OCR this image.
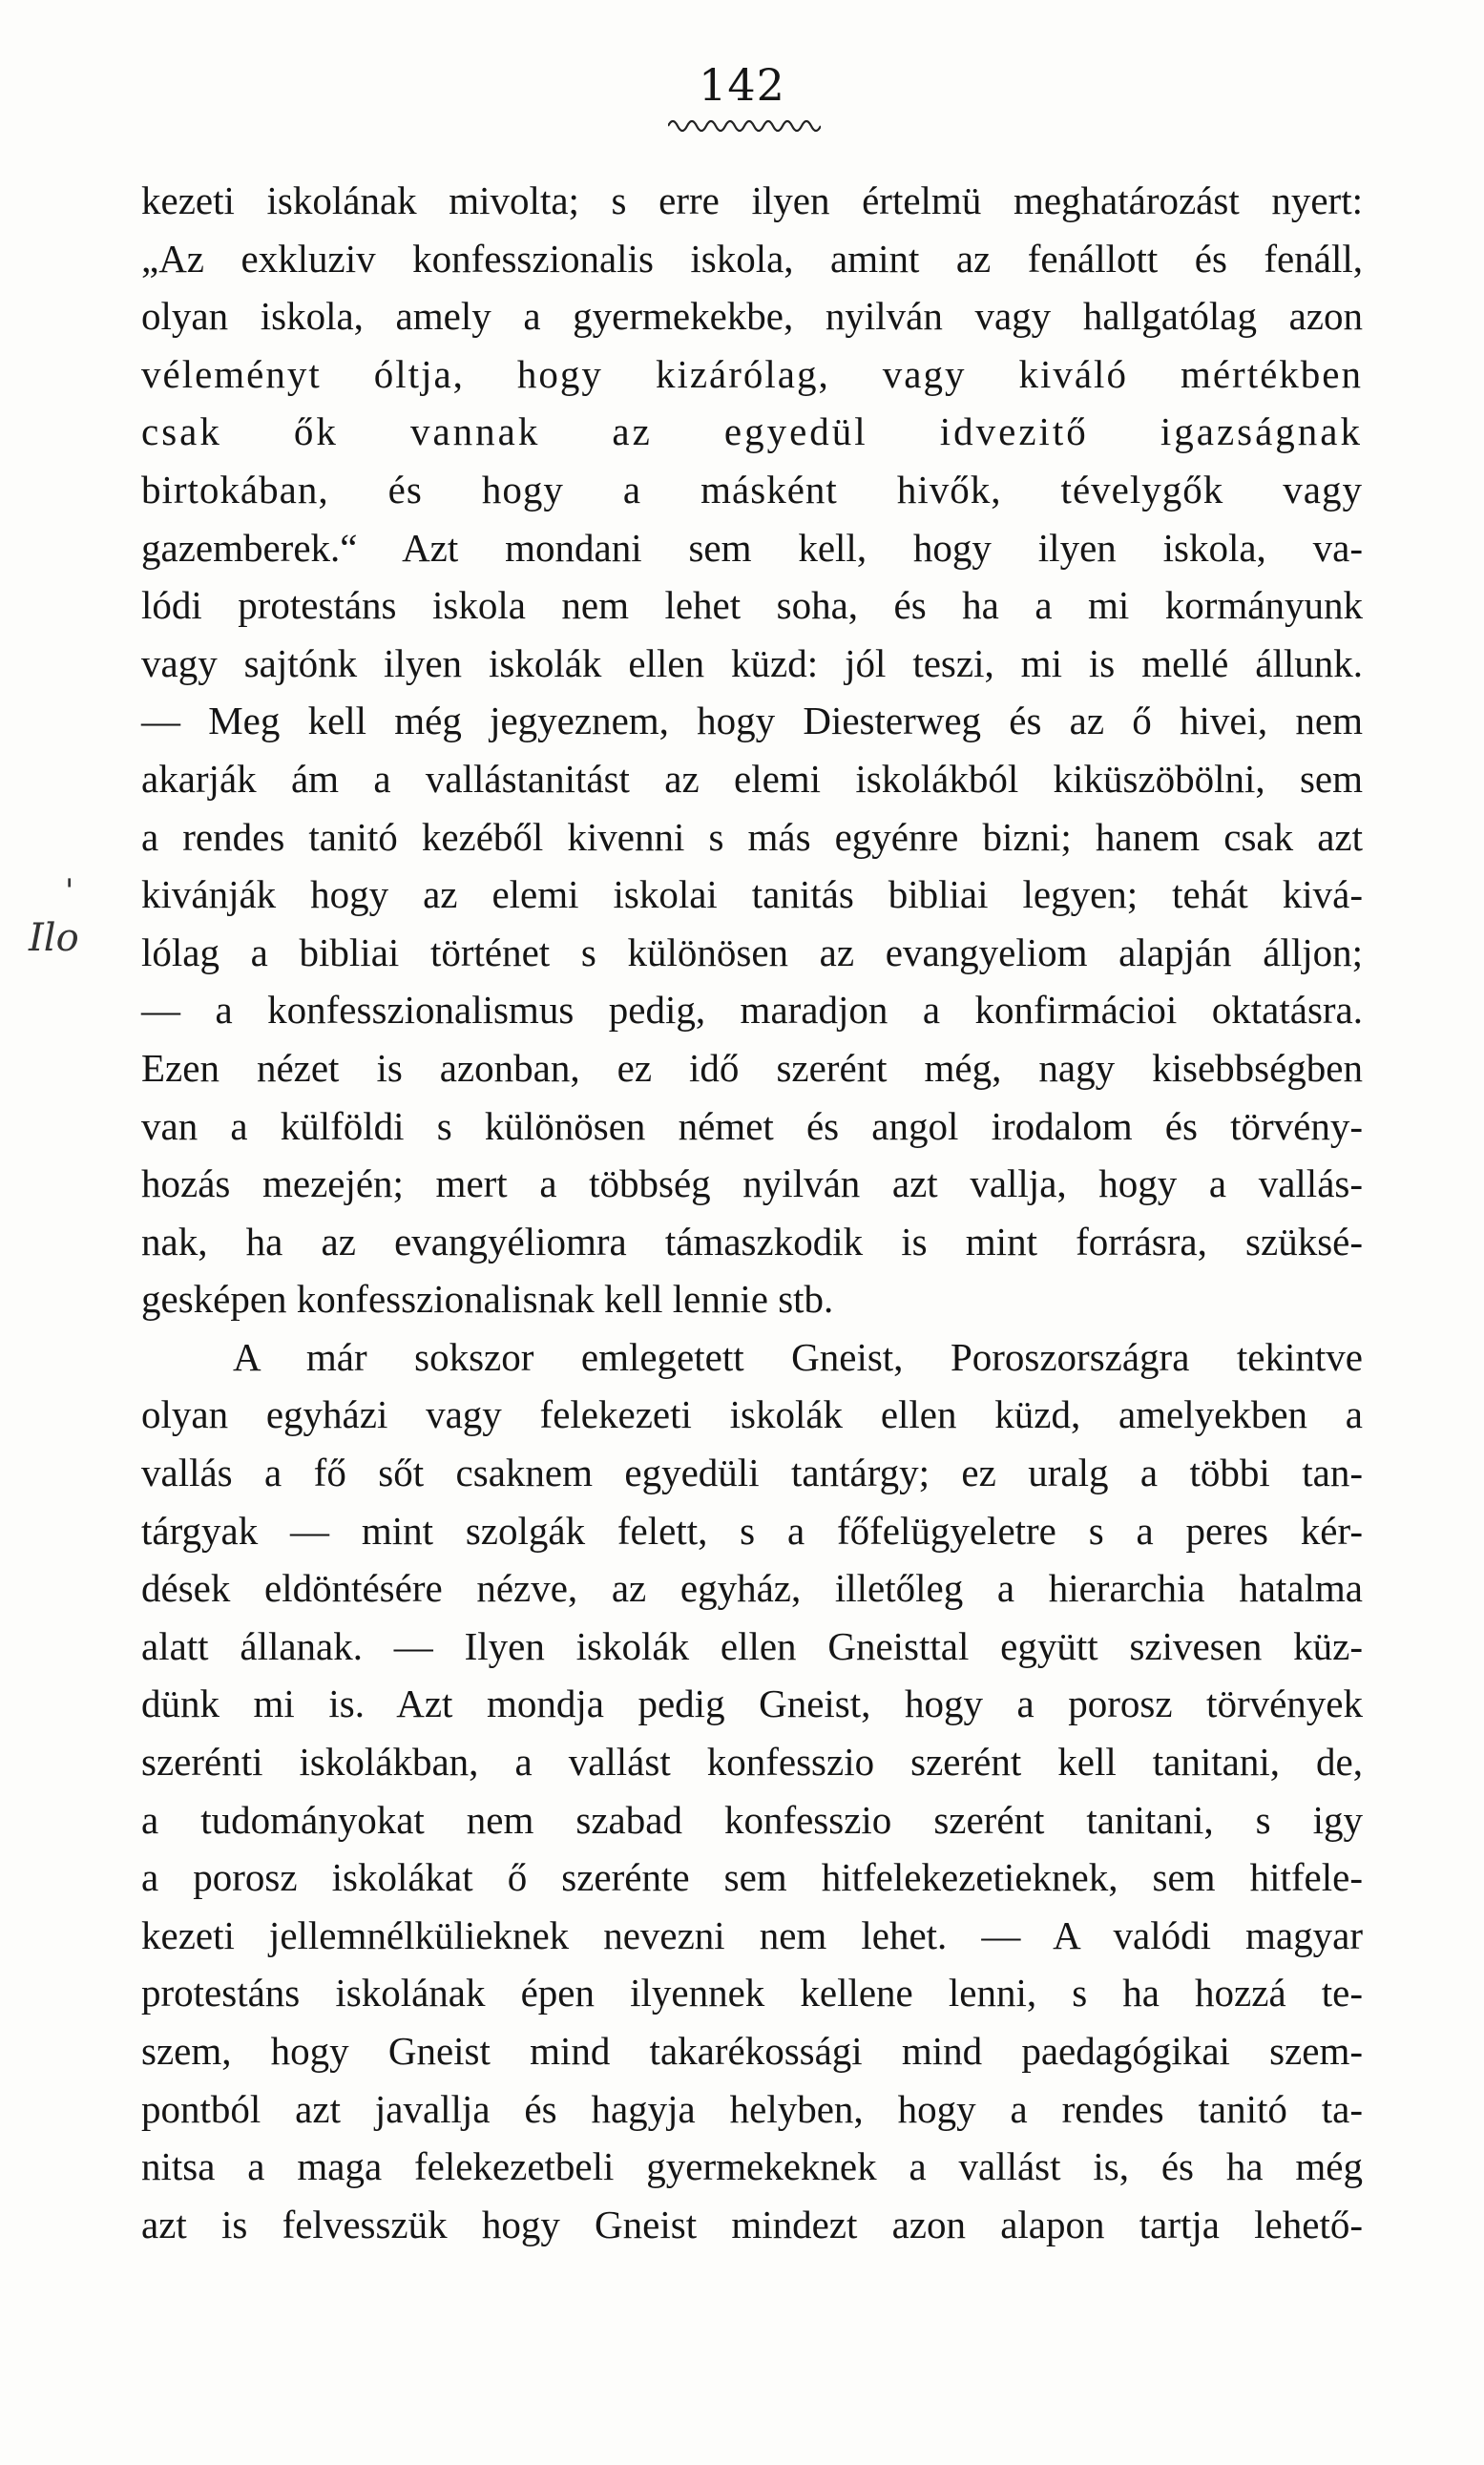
142
'
Ilo
kezeti iskolának mivolta; s erre ilyen értelmü meghatározást nyert:
„Az exkluziv konfesszionalis iskola, amint az fenállott és fenáll,
olyan iskola, amely a gyermekekbe, nyilván vagy hallgatólag azon
véleményt óltja, hogy kizárólag, vagy kiváló mértékben
csak ők vannak az egyedül idvezitő igazságnak
birtokában, és hogy a másként hivők, tévelygők vagy
gazemberek.“ Azt mondani sem kell, hogy ilyen iskola, va-
lódi protestáns iskola nem lehet soha, és ha a mi kormányunk
vagy sajtónk ilyen iskolák ellen küzd: jól teszi, mi is mellé állunk.
— Meg kell még jegyeznem, hogy Diesterweg és az ő hivei, nem
akarják ám a vallástanitást az elemi iskolákból kiküszöbölni, sem
a rendes tanitó kezéből kivenni s más egyénre bizni; hanem csak azt
kivánják hogy az elemi iskolai tanitás bibliai legyen; tehát kivá-
lólag a bibliai történet s különösen az evangyeliom alapján álljon;
— a konfesszionalismus pedig, maradjon a konfirmácioi oktatásra.
Ezen nézet is azonban, ez idő szerént még, nagy kisebbségben
van a külföldi s különösen német és angol irodalom és törvény-
hozás mezején; mert a többség nyilván azt vallja, hogy a vallás-
nak, ha az evangyéliomra támaszkodik is mint forrásra, szüksé-
gesképen konfesszionalisnak kell lennie stb.
A már sokszor emlegetett Gneist, Poroszországra tekintve
olyan egyházi vagy felekezeti iskolák ellen küzd, amelyekben a
vallás a fő sőt csaknem egyedüli tantárgy; ez uralg a többi tan-
tárgyak — mint szolgák felett, s a főfelügyeletre s a peres kér-
dések eldöntésére nézve, az egyház, illetőleg a hierarchia hatalma
alatt állanak. — Ilyen iskolák ellen Gneisttal együtt szivesen küz-
dünk mi is. Azt mondja pedig Gneist, hogy a porosz törvények
szerénti iskolákban, a vallást konfesszio szerént kell tanitani, de,
a tudományokat nem szabad konfesszio szerént tanitani, s igy
a porosz iskolákat ő szerénte sem hitfelekezetieknek, sem hitfele-
kezeti jellemnélkülieknek nevezni nem lehet. — A valódi magyar
protestáns iskolának épen ilyennek kellene lenni, s ha hozzá te-
szem, hogy Gneist mind takarékossági mind paedagógikai szem-
pontból azt javallja és hagyja helyben, hogy a rendes tanitó ta-
nitsa a maga felekezetbeli gyermekeknek a vallást is, és ha még
azt is felvesszük hogy Gneist mindezt azon alapon tartja lehető-
